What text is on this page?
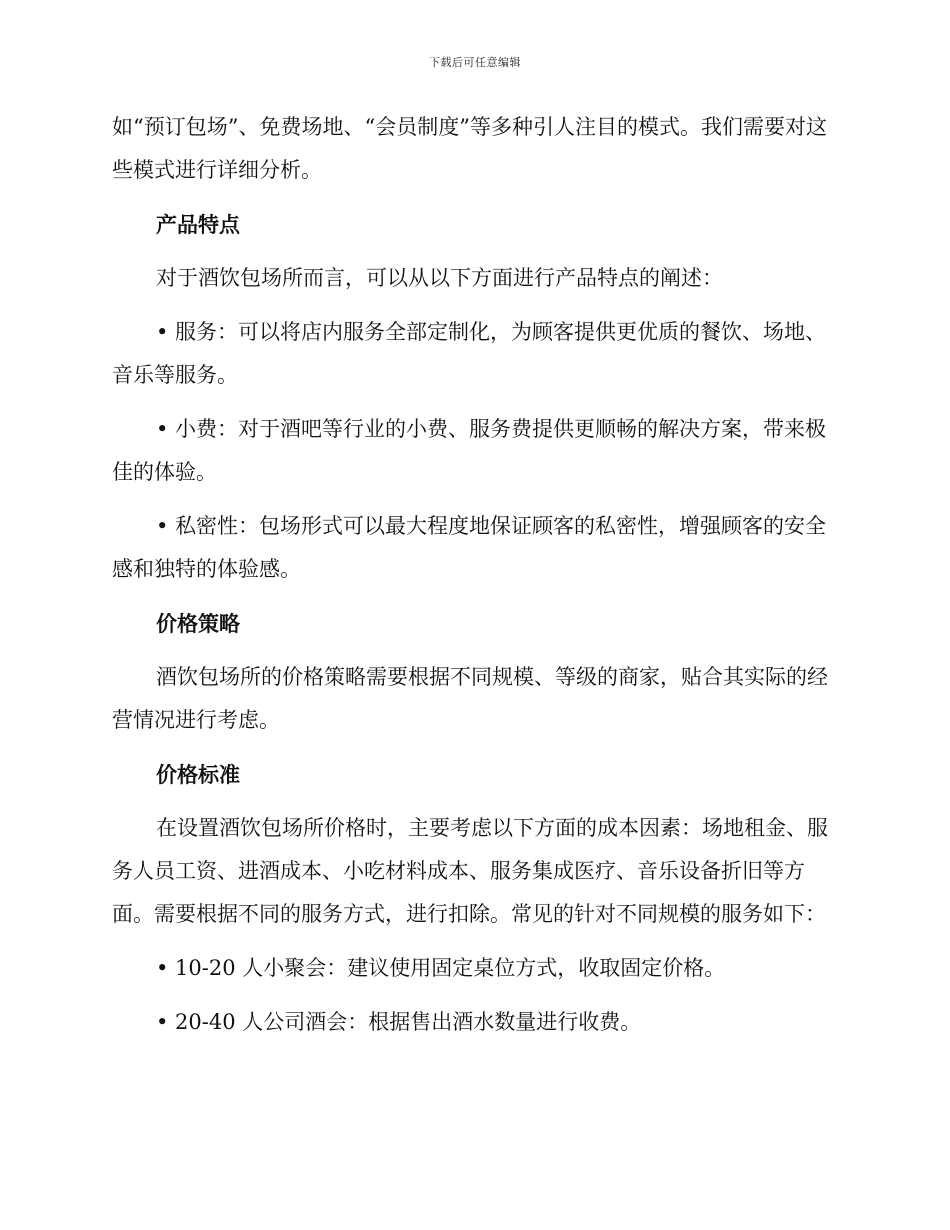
下载后可任意编辑

如“预订包场”、免费场地、“会员制度”等多种引人注目的模式。我们需要对这些模式进行详细分析。

产品特点

对于酒饮包场所而言，可以从以下方面进行产品特点的阐述：

• 服务：可以将店内服务全部定制化，为顾客提供更优质的餐饮、场地、音乐等服务。

• 小费：对于酒吧等行业的小费、服务费提供更顺畅的解决方案，带来极佳的体验。

• 私密性：包场形式可以最大程度地保证顾客的私密性，增强顾客的安全感和独特的体验感。

价格策略

酒饮包场所的价格策略需要根据不同规模、等级的商家，贴合其实际的经营情况进行考虑。

价格标准

在设置酒饮包场所价格时，主要考虑以下方面的成本因素：场地租金、服务人员工资、进酒成本、小吃材料成本、服务集成医疗、音乐设备折旧等方面。需要根据不同的服务方式，进行扣除。常见的针对不同规模的服务如下：

• 10-20 人小聚会：建议使用固定桌位方式，收取固定价格。

• 20-40 人公司酒会：根据售出酒水数量进行收费。
